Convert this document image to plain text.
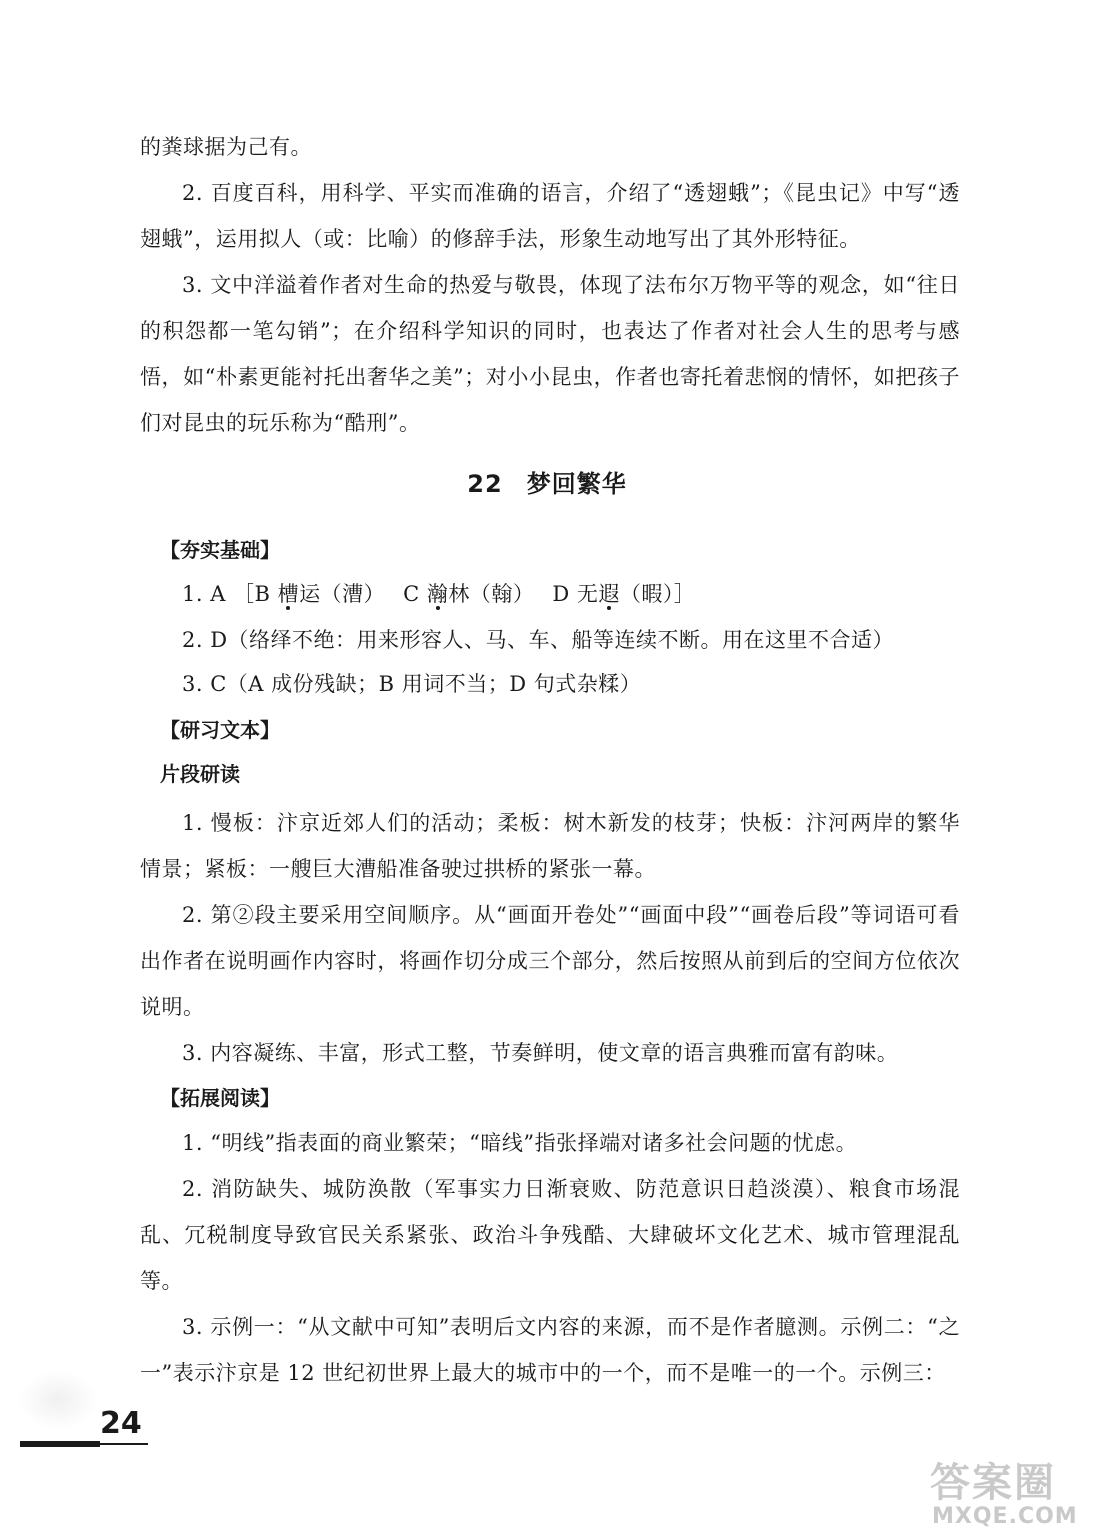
的粪球据为己有。

2. 百度百科，用科学、平实而准确的语言，介绍了“透翅蛾”；《昆虫记》中写“透翅蛾”，运用拟人（或：比喻）的修辞手法，形象生动地写出了其外形特征。

3. 文中洋溢着作者对生命的热爱与敬畏，体现了法布尔万物平等的观念，如“往日的积怨都一笔勾销”；在介绍科学知识的同时，也表达了作者对社会人生的思考与感悟，如“朴素更能衬托出奢华之美”；对小小昆虫，作者也寄托着悲悯的情怀，如把孩子们对昆虫的玩乐称为“酷刑”。

22 梦回繁华
【夯实基础】

1. A ［B 槽运（漕） C 瀚林（翰） D 无遐（暇）］

2. D（络绎不绝：用来形容人、马、车、船等连续不断。用在这里不合适）

3. C（A 成份残缺；B 用词不当；D 句式杂糅）

【研习文本】
片段研读

1. 慢板：汴京近郊人们的活动；柔板：树木新发的枝芽；快板：汴河两岸的繁华情景；紧板：一艘巨大漕船准备驶过拱桥的紧张一幕。

2. 第②段主要采用空间顺序。从“画面开卷处”“画面中段”“画卷后段”等词语可看出作者在说明画作内容时，将画作切分成三个部分，然后按照从前到后的空间方位依次说明。

3. 内容凝练、丰富，形式工整，节奏鲜明，使文章的语言典雅而富有韵味。

【拓展阅读】

1. “明线”指表面的商业繁荣；“暗线”指张择端对诸多社会问题的忧虑。

2. 消防缺失、城防涣散（军事实力日渐衰败、防范意识日趋淡漠）、粮食市场混乱、冗税制度导致官民关系紧张、政治斗争残酷、大肆破坏文化艺术、城市管理混乱等。

3. 示例一：“从文献中可知”表明后文内容的来源，而不是作者臆测。示例二：“之一”表示汴京是 12 世纪初世界上最大的城市中的一个，而不是唯一的一个。示例三：

24
答案圈
MXQE.COM
